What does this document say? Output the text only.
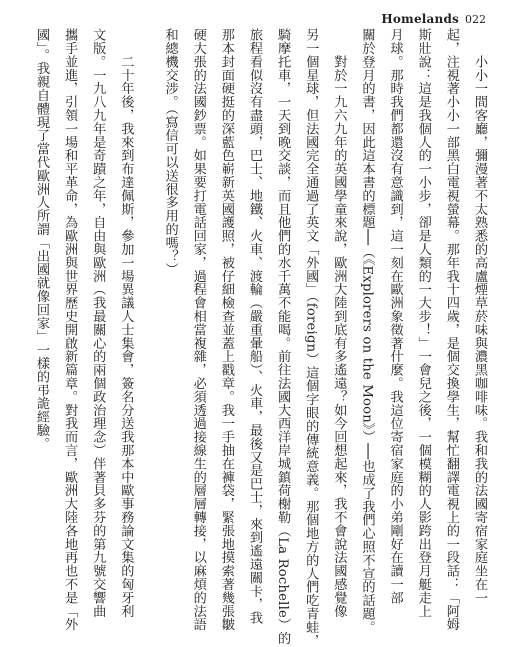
Homelands 022
　　小小一間客廳，彌漫著不太熟悉的高盧煙草菸味與濃黑咖啡味。我和我的法國寄宿家庭坐在一
起，注視著小小一部黑白電視螢幕。那年我十四歲，是個交換學生，幫忙翻譯電視上的一段話：「阿姆
斯壯說：這是我個人的一小步，卻是人類的一大步！」一會兒之後，一個模糊的人影跨出登月艇走上
月球。那時我們都還沒有意識到，這一刻在歐洲象徵著什麼。我這位寄宿家庭的小弟剛好在讀一部
關於登月的書，因此這本書的標題──（《Explorers on the Moon》）──也成了我們心照不宣的話題。
　　對於一九六九年的英國學童來說，歐洲大陸到底有多遙遠？如今回想起來，我不會說法國感覺像
另一個星球，但法國完全通過了英文「外國」（foreign）這個字眼的傳統意義。那個地方的人們吃青蛙，
騎摩托車，一天到晚交談，而且他們的水千萬不能喝。前往法國大西洋岸城鎮荷榭勒（La Rochelle）的
旅程看似沒有盡頭，巴士、地鐵、火車、渡輪（嚴重暈船）、火車，最後又是巴士，來到遙遠關卡，我
那本封面硬挺的深藍色嶄新英國護照，被仔細檢查並蓋上戳章。我一手抽在褲袋，緊張地摸索著幾張皺
硬大張的法國鈔票。如果要打電話回家，過程會相當複雜，必須透過接線生的層層轉接，以麻煩的法語
和總機交涉。（寫信可以送很多用的嗎？）
　　二十年後，我來到布達佩斯，參加一場異議人士集會，簽名分送我那本中歐事務論文集的匈牙利
文版。一九八九年是奇蹟之年，自由與歐洲（我最關心的兩個政治理念）伴著貝多芬的第九號交響曲
攜手並進，引領一場和平革命，為歐洲與世界歷史開啟新篇章。對我而言，歐洲大陸各地再也不是「外
國」。我親自體現了當代歐洲人所謂「出國就像回家」一樣的弔詭經驗。
